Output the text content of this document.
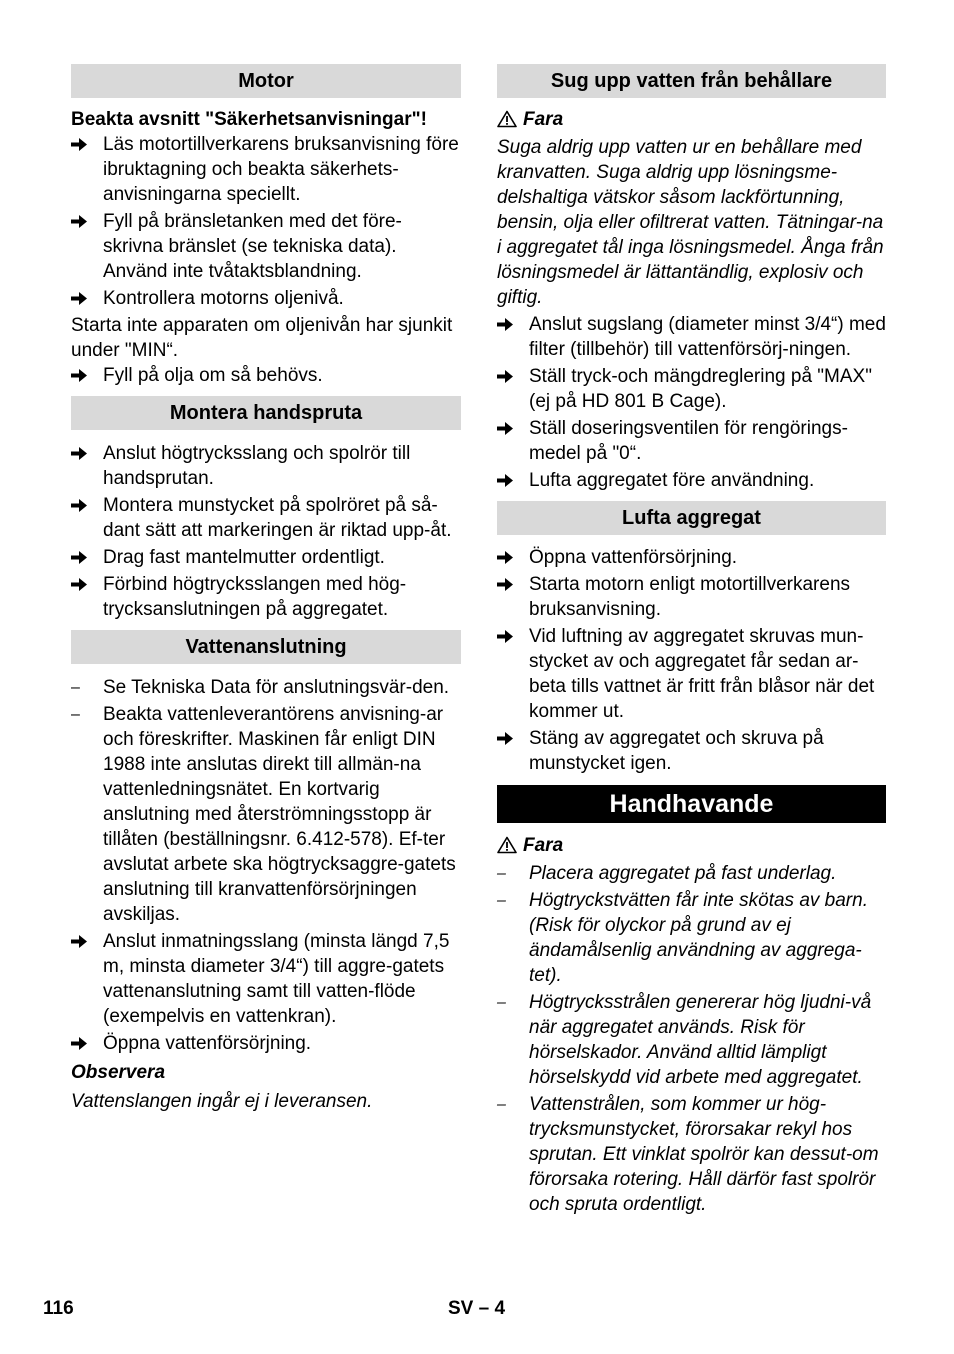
Motor

Beakta avsnitt "Säkerhetsanvisningar"!

Läs motortillverkarens bruksanvisning före ibruktagning och beakta säkerhets-anvisningarna speciellt.
Fyll på bränsletanken med det före-skrivna bränslet (se tekniska data).
Använd inte tvåtaktsblandning.
Kontrollera motorns oljenivå.

Starta inte apparaten om oljenivån har sjunkit under "MIN“.

Fyll på olja om så behövs.
Montera handspruta
Anslut högtrycksslang och spolrör till handsprutan.
Montera munstycket på spolröret på så-dant sätt att markeringen är riktad upp-åt.
Drag fast mantelmutter ordentligt.
Förbind högtrycksslangen med hög-trycksanslutningen på aggregatet.
Vattenanslutning
– Se Tekniska Data för anslutningsvär-den.
– Beakta vattenleverantörens anvisning-ar och föreskrifter. Maskinen får enligt DIN 1988 inte anslutas direkt till allmän-na vattenledningsnätet. En kortvarig anslutning med återströmningsstopp är tillåten (beställningsnr. 6.412-578). Ef-ter avslutat arbete ska högtrycksaggre-gatets anslutning till kranvattenförsörjningen avskiljas.
Anslut inmatningsslang (minsta längd 7,5 m, minsta diameter 3/4“) till aggre-gatets vattenanslutning samt till vatten-flöde (exempelvis en vattenkran).
Öppna vattenförsörjning.

Observera

Vattenslangen ingår ej i leveransen.

Sug upp vatten från behållare
Fara

Suga aldrig upp vatten ur en behållare med kranvatten. Suga aldrig upp lösningsme-delshaltiga vätskor såsom lackförtunning, bensin, olja eller ofiltrerat vatten. Tätningar-na i aggregatet tål inga lösningsmedel. Ånga från lösningsmedel är lättantändlig, explosiv och giftig.

Anslut sugslang (diameter minst 3/4“) med filter (tillbehör) till vattenförsörj-ningen.
Ställ tryck-och mängdreglering på "MAX" (ej på HD 801 B Cage).
Ställ doseringsventilen för rengörings-medel på "0“.
Lufta aggregatet före användning.
Lufta aggregat
Öppna vattenförsörjning.
Starta motorn enligt motortillverkarens bruksanvisning.
Vid luftning av aggregatet skruvas mun-stycket av och aggregatet får sedan ar-beta tills vattnet är fritt från blåsor när det kommer ut.
Stäng av aggregatet och skruva på munstycket igen.
Handhavande
Fara
– Placera aggregatet på fast underlag.
– Högtryckstvätten får inte skötas av barn. (Risk för olyckor på grund av ej ändamålsenlig användning av aggrega-tet).
– Högtrycksstrålen genererar hög ljudni-vå när aggregatet används. Risk för hörselskador. Använd alltid lämpligt hörselskydd vid arbete med aggregatet.
– Vattenstrålen, som kommer ur hög-trycksmunstycket, förorsakar rekyl hos sprutan. Ett vinklat spolrör kan dessut-om förorsaka rotering. Håll därför fast spolrör och spruta ordentligt.
116	SV – 4
